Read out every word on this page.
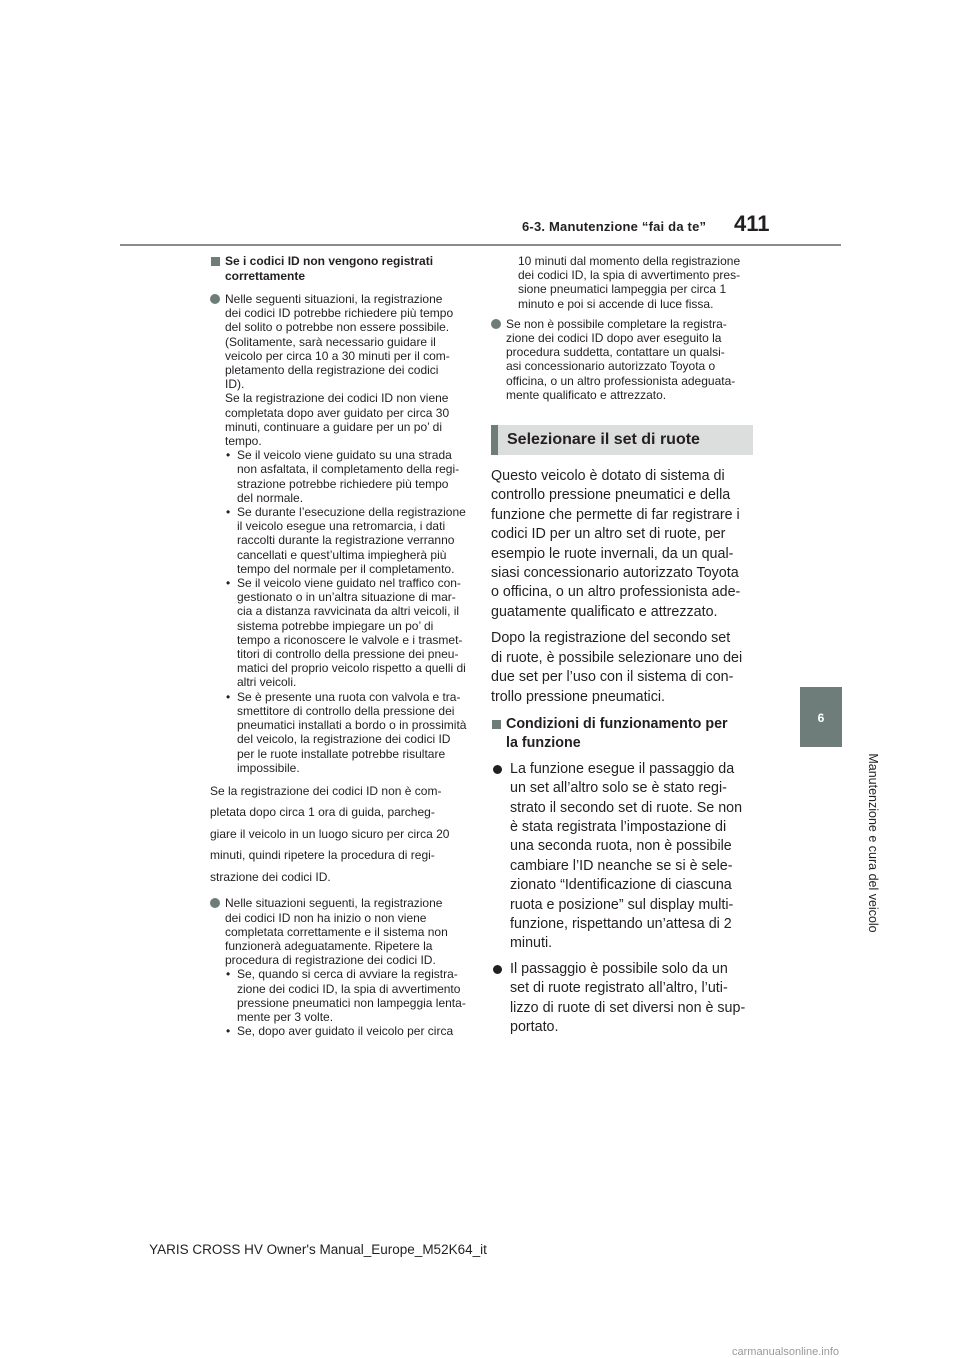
6-3. Manutenzione “fai da te” 411
6
Manutenzione e cura del veicolo
Se i codici ID non vengono registrati correttamente
Nelle seguenti situazioni, la registrazione
dei codici ID potrebbe richiedere più tempo
del solito o potrebbe non essere possibile.
(Solitamente, sarà necessario guidare il
veicolo per circa 10 a 30 minuti per il com-
pletamento della registrazione dei codici
ID).
Se la registrazione dei codici ID non viene
completata dopo aver guidato per circa 30
minuti, continuare a guidare per un po’ di
tempo.
• Se il veicolo viene guidato su una strada
non asfaltata, il completamento della regi-
strazione potrebbe richiedere più tempo
del normale.
• Se durante l’esecuzione della registrazione
il veicolo esegue una retromarcia, i dati
raccolti durante la registrazione verranno
cancellati e quest’ultima impiegherà più
tempo del normale per il completamento.
• Se il veicolo viene guidato nel traffico con-
gestionato o in un’altra situazione di mar-
cia a distanza ravvicinata da altri veicoli, il
sistema potrebbe impiegare un po’ di
tempo a riconoscere le valvole e i trasmet-
titori di controllo della pressione dei pneu-
matici del proprio veicolo rispetto a quelli di
altri veicoli.
• Se è presente una ruota con valvola e tra-
smettitore di controllo della pressione dei
pneumatici installati a bordo o in prossimità
del veicolo, la registrazione dei codici ID
per le ruote installate potrebbe risultare
impossibile.
Se la registrazione dei codici ID non è com-
pletata dopo circa 1 ora di guida, parcheg-
giare il veicolo in un luogo sicuro per circa 20
minuti, quindi ripetere la procedura di regi-
strazione dei codici ID.
Nelle situazioni seguenti, la registrazione
dei codici ID non ha inizio o non viene
completata correttamente e il sistema non
funzionerà adeguatamente. Ripetere la
procedura di registrazione dei codici ID.
• Se, quando si cerca di avviare la registra-
zione dei codici ID, la spia di avvertimento
pressione pneumatici non lampeggia lenta-
mente per 3 volte.
• Se, dopo aver guidato il veicolo per circa
10 minuti dal momento della registrazione
dei codici ID, la spia di avvertimento pres-
sione pneumatici lampeggia per circa 1
minuto e poi si accende di luce fissa.
Se non è possibile completare la registra-
zione dei codici ID dopo aver eseguito la
procedura suddetta, contattare un qualsi-
asi concessionario autorizzato Toyota o
officina, o un altro professionista adeguata-
mente qualificato e attrezzato.
Selezionare il set di ruote
Questo veicolo è dotato di sistema di
controllo pressione pneumatici e della
funzione che permette di far registrare i
codici ID per un altro set di ruote, per
esempio le ruote invernali, da un qual-
siasi concessionario autorizzato Toyota
o officina, o un altro professionista ade-
guatamente qualificato e attrezzato.
Dopo la registrazione del secondo set
di ruote, è possibile selezionare uno dei
due set per l’uso con il sistema di con-
trollo pressione pneumatici.
Condizioni di funzionamento per
la funzione
La funzione esegue il passaggio da
un set all’altro solo se è stato regi-
strato il secondo set di ruote. Se non
è stata registrata l’impostazione di
una seconda ruota, non è possibile
cambiare l’ID neanche se si è sele-
zionato “Identificazione di ciascuna
ruota e posizione” sul display multi-
funzione, rispettando un’attesa di 2
minuti.
Il passaggio è possibile solo da un
set di ruote registrato all’altro, l’uti-
lizzo di ruote di set diversi non è sup-
portato.
YARIS CROSS HV Owner's Manual_Europe_M52K64_it
carmanualsonline.info
